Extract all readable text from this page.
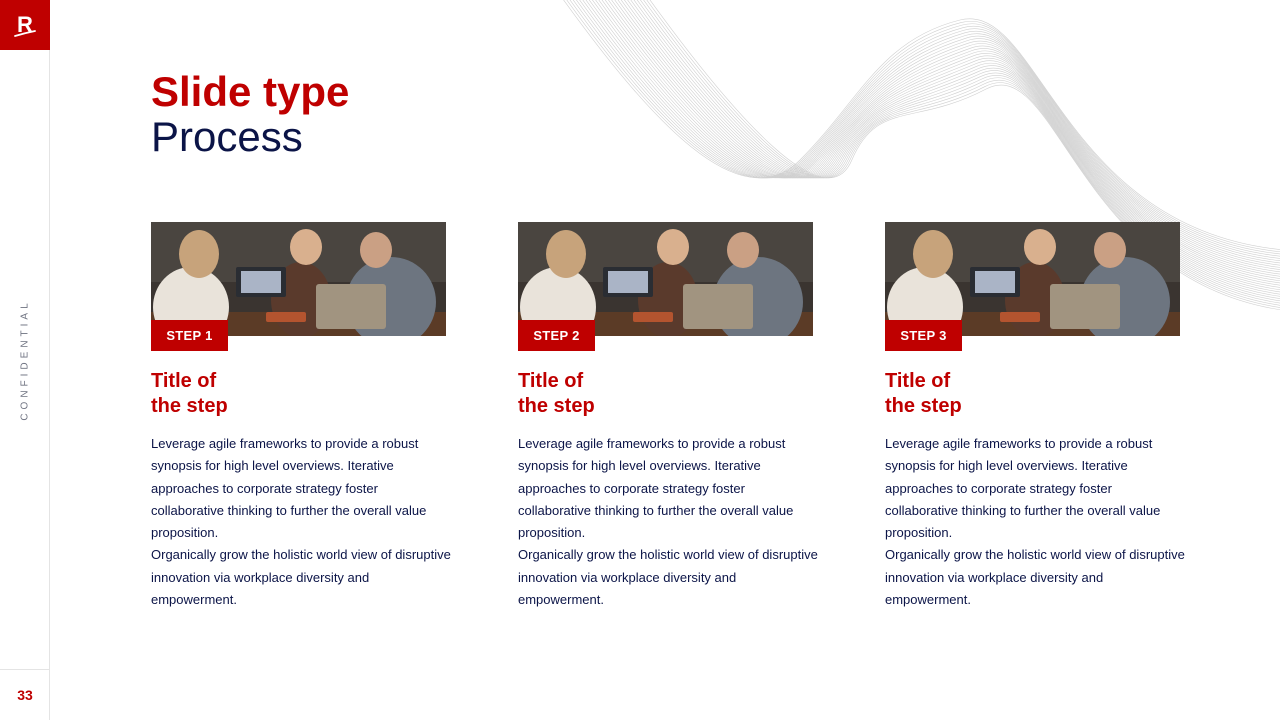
R
CONFIDENTIAL
33
Slide type
Process
STEP 1
Title of
the step
Leverage agile frameworks to provide a robust synopsis for high level overviews. Iterative approaches to corporate strategy foster collaborative thinking to further the overall value proposition.
Organically grow the holistic world view of disruptive innovation via workplace diversity and empowerment.
STEP 2
Title of
the step
Leverage agile frameworks to provide a robust synopsis for high level overviews. Iterative approaches to corporate strategy foster collaborative thinking to further the overall value proposition.
Organically grow the holistic world view of disruptive innovation via workplace diversity and empowerment.
STEP 3
Title of
the step
Leverage agile frameworks to provide a robust synopsis for high level overviews. Iterative approaches to corporate strategy foster collaborative thinking to further the overall value proposition.
Organically grow the holistic world view of disruptive innovation via workplace diversity and empowerment.
